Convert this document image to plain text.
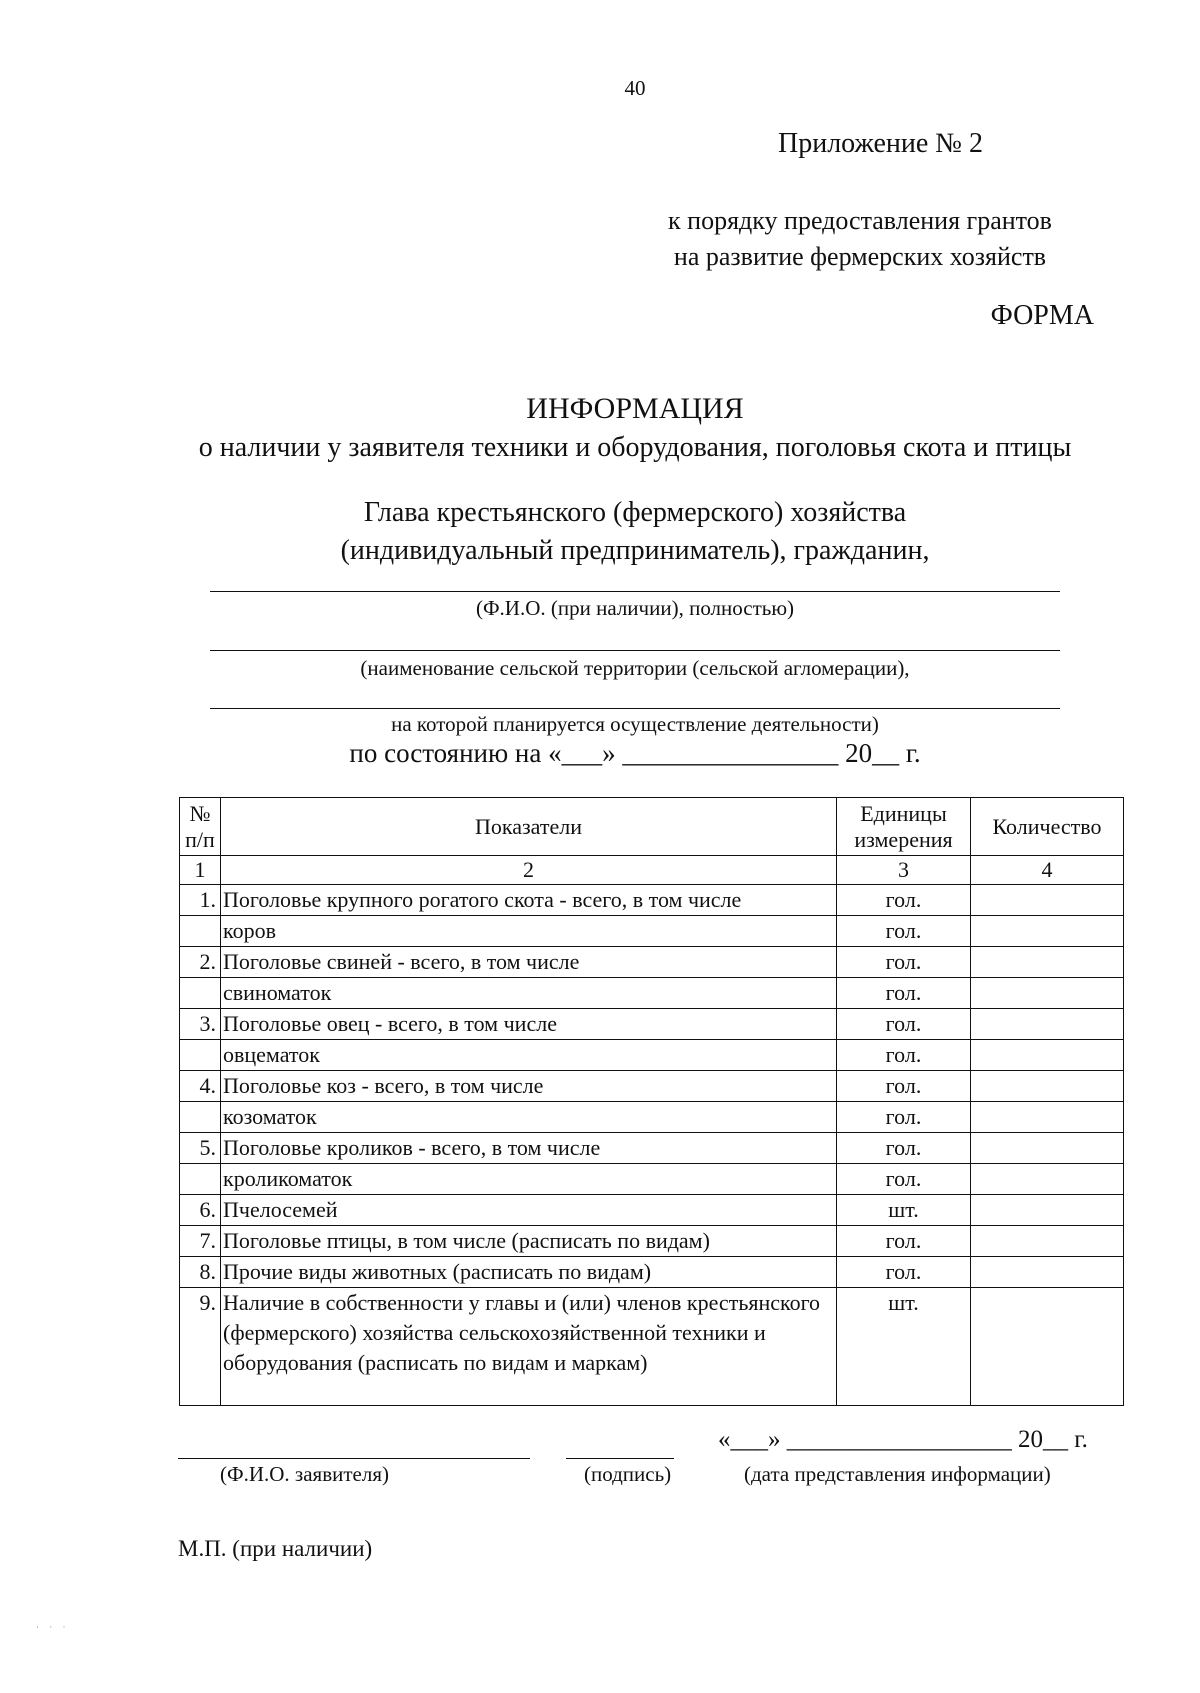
40
Приложение № 2
к порядку предоставления грантов
на развитие фермерских хозяйств
ФОРМА
ИНФОРМАЦИЯ
о наличии у заявителя техники и оборудования, поголовья скота и птицы
Глава крестьянского (фермерского) хозяйства
(индивидуальный предприниматель), гражданин,
(Ф.И.О. (при наличии), полностью)
(наименование сельской территории (сельской агломерации),
на которой планируется осуществление деятельности)
по состоянию на «___» ________________ 20__ г.
№ п/п	Показатели	Единицы измерения	Количество
1	2	3	4
1.	Поголовье крупного рогатого скота - всего, в том числе	гол.	
	коров	гол.	
2.	Поголовье свиней - всего, в том числе	гол.	
	свиноматок	гол.	
3.	Поголовье овец - всего, в том числе	гол.	
	овцематок	гол.	
4.	Поголовье коз - всего, в том числе	гол.	
	козоматок	гол.	
5.	Поголовье кроликов - всего, в том числе	гол.	
	кроликоматок	гол.	
6.	Пчелосемей	шт.	
7.	Поголовье птицы, в том числе (расписать по видам)	гол.	
8.	Прочие виды животных (расписать по видам)	гол.	
9.	Наличие в собственности у главы и (или) членов крестьянского (фермерского) хозяйства сельскохозяйственной техники и оборудования (расписать по видам и маркам)	шт.	
«___» __________________ 20__ г.
(Ф.И.О. заявителя)	(подпись)	(дата представления информации)
М.П. (при наличии)
· · ·
